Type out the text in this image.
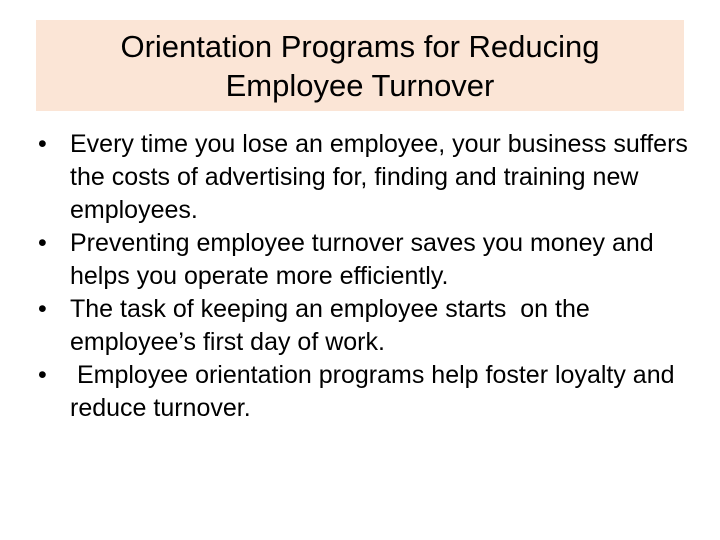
Orientation Programs for Reducing
Employee Turnover
• Every time you lose an employee, your business suffers the costs of advertising for, finding and training new employees.
• Preventing employee turnover saves you money and helps you operate more efficiently.
• The task of keeping an employee starts  on the employee’s first day of work.
• Employee orientation programs help foster loyalty and reduce turnover.
